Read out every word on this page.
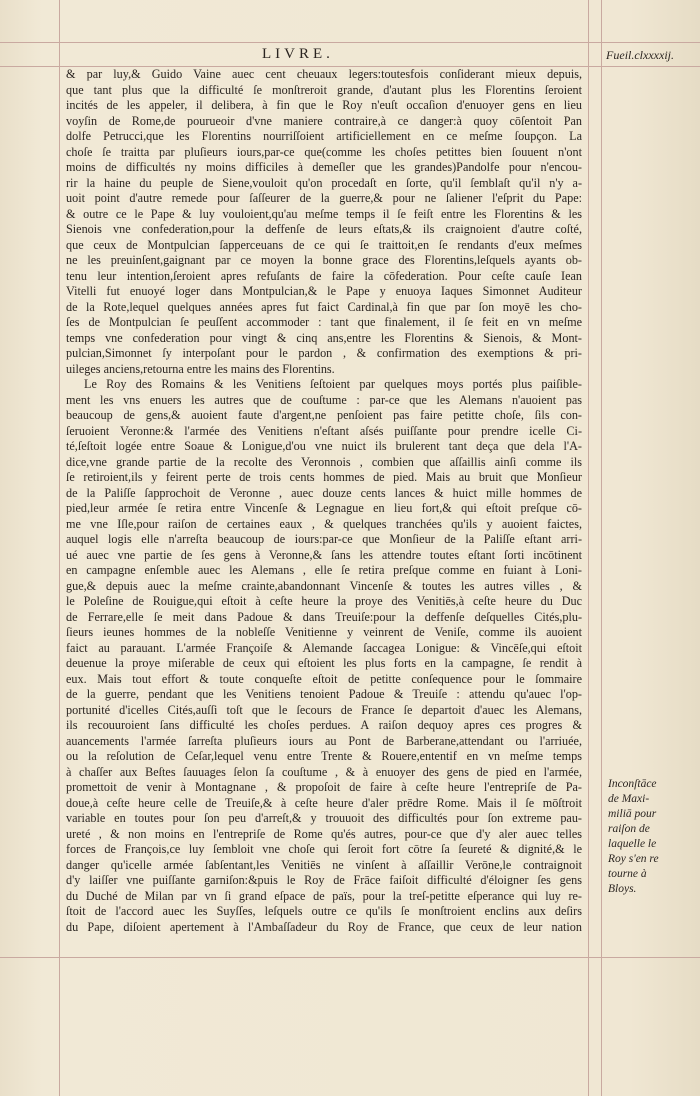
LIVRE.	Fueil.clxxxxij.
& par luy,& Guido Vaine auec cent cheuaux legers:toutesfois conſiderant mieux depuis,
que tant plus que la difficulté ſe monſtreroit grande, d'autant plus les Florentins ſeroient
incités de les appeler, il delibera, à fin que le Roy n'euſt occaſion d'enuoyer gens en lieu
voyſin de Rome,de pourueoir d'vne maniere contraire,à ce danger:à quoy cōſentoit Pan
dolfe Petrucci,que les Florentins nourriſſoient artificiellement en ce meſme ſoupçon. La
choſe ſe traitta par pluſieurs iours,par-ce que(comme les choſes petittes bien ſouuent n'ont
moins de difficultés ny moins difficiles à demeſler que les grandes)Pandolfe pour n'encou-
rir la haine du peuple de Siene,vouloit qu'on procedaſt en ſorte, qu'il ſemblaſt qu'il n'y a-
uoit point d'autre remede pour ſaſſeurer de la guerre,& pour ne ſaliener l'eſprit du Pape:
& outre ce le Pape & luy vouloient,qu'au meſme temps il ſe feiſt entre les Florentins & les
Sienois vne confederation,pour la deffenſe de leurs eſtats,& ils craignoient d'autre coſté,
que ceux de Montpulcian ſapperceuans de ce qui ſe traittoit,en ſe rendants d'eux meſmes
ne les preuinſent,gaignant par ce moyen la bonne grace des Florentins,leſquels ayants ob-
tenu leur intention,ſeroient apres refuſants de faire la cōfederation. Pour ceſte cauſe Iean
Vitelli fut enuoyé loger dans Montpulcian,& le Pape y enuoya Iaques Simonnet Auditeur
de la Rote,lequel quelques années apres fut faict Cardinal,à fin que par ſon moyē les cho-
ſes de Montpulcian ſe peuſſent accommoder : tant que finalement, il ſe feit en vn meſme
temps vne confederation pour vingt & cinq ans,entre les Florentins & Sienois, & Mont-
pulcian,Simonnet ſy interpoſant pour le pardon , & confirmation des exemptions & pri-
uileges anciens,retourna entre les mains des Florentins.
Le Roy des Romains & les Venitiens ſeſtoient par quelques moys portés plus paiſible-
ment les vns enuers les autres que de couſtume : par-ce que les Alemans n'auoient pas
beaucoup de gens,& auoient faute d'argent,ne penſoient pas faire petitte choſe, ſils con-
ſeruoient Veronne:& l'armée des Venitiens n'eſtant aſsés puiſſante pour prendre icelle Ci-
té,ſeſtoit logée entre Soaue & Lonigue,d'ou vne nuict ils brulerent tant deça que dela l'A-
dice,vne grande partie de la recolte des Veronnois , combien que aſſaillis ainſi comme ils
ſe retiroient,ils y feirent perte de trois cents hommes de pied. Mais au bruit que Monſieur
de la Paliſſe ſapprochoit de Veronne , auec douze cents lances & huict mille hommes de
pied,leur armée ſe retira entre Vincenſe & Legnague en lieu fort,& qui eſtoit preſque cō-
me vne Iſle,pour raiſon de certaines eaux , & quelques tranchées qu'ils y auoient faictes,
auquel logis elle n'arreſta beaucoup de iours:par-ce que Monſieur de la Paliſſe eſtant arri-
ué auec vne partie de ſes gens à Veronne,& ſans les attendre toutes eſtant ſorti incōtinent
en campagne enſemble auec les Alemans , elle ſe retira preſque comme en fuiant à Loni-
gue,& depuis auec la meſme crainte,abandonnant Vincenſe & toutes les autres villes , &
le Poleſine de Rouigue,qui eſtoit à ceſte heure la proye des Venitiēs,à ceſte heure du Duc
de Ferrare,elle ſe meit dans Padoue & dans Treuiſe:pour la deffenſe deſquelles Cités,plu-
ſieurs ieunes hommes de la nobleſſe Venitienne y veinrent de Veniſe, comme ils auoient
faict au parauant. L'armée Françoiſe & Alemande ſaccagea Lonigue: & Vincēſe,qui eſtoit
deuenue la proye miſerable de ceux qui eſtoient les plus forts en la campagne, ſe rendit à
eux. Mais tout effort & toute conqueſte eſtoit de petitte conſequence pour le ſommaire
de la guerre, pendant que les Venitiens tenoient Padoue & Treuiſe : attendu qu'auec l'op-
portunité d'icelles Cités,auſſi toſt que le ſecours de France ſe departoit d'auec les Alemans,
ils recouuroient ſans difficulté les choſes perdues. A raiſon dequoy apres ces progres &
auancements l'armée ſarreſta pluſieurs iours au Pont de Barberane,attendant ou l'arriuée,
ou la reſolution de Ceſar,lequel venu entre Trente & Rouere,ententif en vn meſme temps
à chaſſer aux Beſtes ſauuages ſelon ſa couſtume , & à enuoyer des gens de pied en l'armée,
promettoit de venir à Montagnane , & propoſoit de faire à ceſte heure l'entrepriſe de Pa-
doue,à ceſte heure celle de Treuiſe,& à ceſte heure d'aler prēdre Rome. Mais il ſe mōſtroit
variable en toutes pour ſon peu d'arreſt,& y trouuoit des difficultés pour ſon extreme pau-
ureté , & non moins en l'entrepriſe de Rome qu'és autres, pour-ce que d'y aler auec telles
forces de François,ce luy ſembloit vne choſe qui ſeroit fort cōtre ſa ſeureté & dignité,& le
danger qu'icelle armée ſabſentant,les Venitiēs ne vinſent à aſſaillir Verōne,le contraignoit
d'y laiſſer vne puiſſante garniſon:&puis le Roy de Frāce faiſoit difficulté d'éloigner ſes gens
du Duché de Milan par vn ſi grand eſpace de païs, pour la treſ-petitte eſperance qui luy re-
ſtoit de l'accord auec les Suyſſes, leſquels outre ce qu'ils ſe monſtroient enclins aux deſirs
du Pape, diſoient apertement à l'Ambaſſadeur du Roy de France, que ceux de leur nation
Inconſtāce
de Maxi-
miliā pour
raiſon de
laquelle le
Roy s'en re
tourne à
Bloys.
